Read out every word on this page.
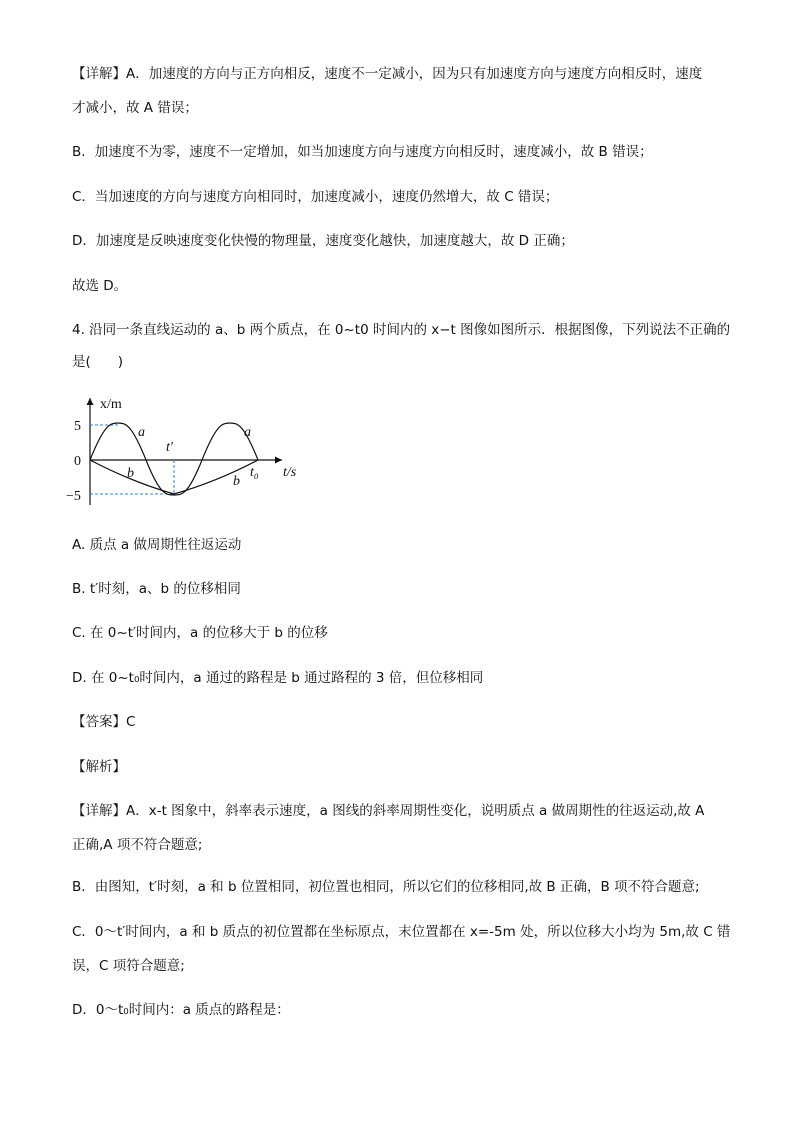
【详解】A．加速度的方向与正方向相反，速度不一定减小，因为只有加速度方向与速度方向相反时，速度
才减小，故 A 错误；
B．加速度不为零，速度不一定增加，如当加速度方向与速度方向相反时，速度减小，故 B 错误；
C．当加速度的方向与速度方向相同时，加速度减小，速度仍然增大，故 C 错误；
D．加速度是反映速度变化快慢的物理量，速度变化越快，加速度越大，故 D 正确；
故选 D。
4. 沿同一条直线运动的 a、b 两个质点，在 0~t0 时间内的 x−t 图像如图所示．根据图像，下列说法不正确的
是(　　)
x/m
t/s
5
0
−5
t′
t₀
a	a
b
b
A. 质点 a 做周期性往返运动
B. t′时刻，a、b 的位移相同
C. 在 0~t′时间内，a 的位移大于 b 的位移
D. 在 0~t₀时间内，a 通过的路程是 b 通过路程的 3 倍，但位移相同
【答案】C
【解析】
【详解】A．x-t 图象中，斜率表示速度，a 图线的斜率周期性变化，说明质点 a 做周期性的往返运动,故 A
正确,A 项不符合题意;
B．由图知，t′时刻，a 和 b 位置相同，初位置也相同，所以它们的位移相同,故 B 正确，B 项不符合题意;
C．0～t′时间内，a 和 b 质点的初位置都在坐标原点，末位置都在 x=-5m 处，所以位移大小均为 5m,故 C 错
误，C 项符合题意;
D．0～t₀时间内：a 质点的路程是：
